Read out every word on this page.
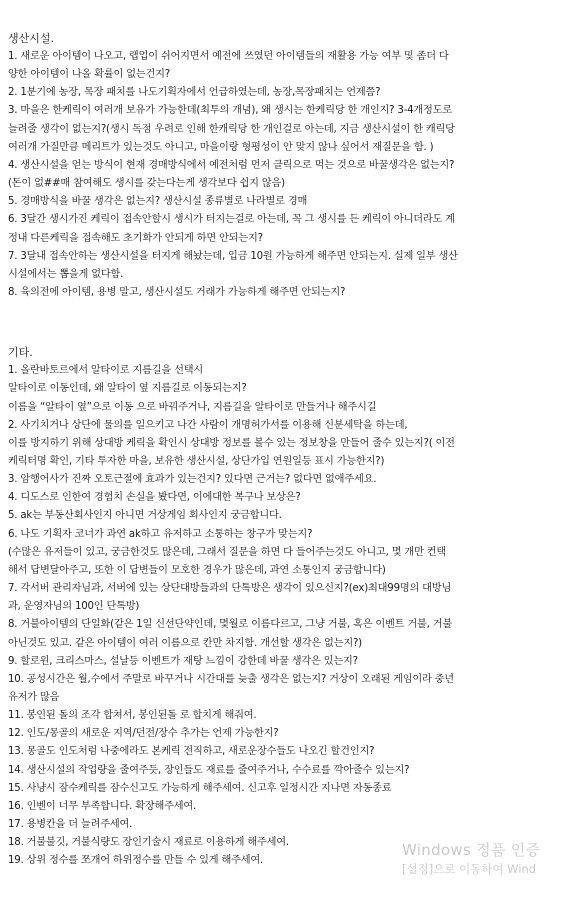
생산시설.
1. 새로운 아이템이 나오고, 랩업이 쉬어지면서 예전에 쓰였던 아이템들의 재활용 가능 여부 및 좀더 다
양한 아이템이 나올 확률이 없는건지?
2. 1분기에 농장, 목장 패치를 나도기획자에서 언급하였는데, 농장,목장패치는 언제쯤?
3. 마을은 한케릭이 여러개 보유가 가능한데(최투의 개념), 왜 생시는 한케릭당 한 개인지? 3-4개정도로
늘려줄 생각이 없는지?(생시 독점 우려로 인해 한캐릭당 한 개인걸로 아는데, 지금 생산시설이 한 캐릭당
여러개 가질만큼 메리트가 있는것도 아니고, 마을이랑 형평성이 안 맞지 않나 싶어서 재질문을 함. )
4. 생산시설을 얻는 방식이 현재 경매방식에서 예전처럼 먼저 클릭으로 먹는 것으로 바꿀생각은 없는지?
(돈이 없##매 참여해도 생시를 갖는다는게 생각보다 쉽지 않음)
5. 경매방식을 바꿀 생각은 없는지? 생산시설 종류별로 나라별로 경매
6. 3달간 생시가진 케릭이 접속안할시 생시가 터지는걸로 아는데, 꼭 그 생시를 든 케릭이 아니더라도 계
정내 다른케릭을 접속해도 초기화가 안되게 하면 안되는지?
7. 3달내 접속안하는 생산시설을 터지게 해놨는데, 입금 10원 가능하게 해주면 안되는지. 실제 일부 생산
시설에서는 뽑을게 없다함.
8. 육의전에 아이템, 용병 말고, 생산시설도 거래가 가능하게 해주면 안되는지?
기타.
1. 올란바토르에서 알타이로 지름길을 선택시
알타이로 이동인데, 왜 알타이 옆 지름길로 이동되는지?
이름을 “알타이 옆”으로 이동 으로 바꿔주거나, 지름길을 알타이로 만들거나 해주시길
2. 사기치거나 상단에 물의를 일으키고 나간 사람이 개명허가서를 이용해 신분세탁을 하는데,
이를 방지하기 위해 상대방 케릭을 확인시 상대방 정보를 볼수 있는 정보창을 만들어 줄수 있는지?( 이전
케릭터명 확인, 기타 투자한 마을, 보유한 생산시설, 상단가입 연원일등 표시 가능한지?)
3. 암행어사가 진짜 오토근절에 효과가 있는건지? 있다면 근거는? 없다면 없애주세요.
4. 디도스로 인한여 경험치 손실을 봤다면, 이에대한 복구나 보상은?
5. ak는 부동산회사인지 아니면 거상게임 회사인지 궁금합니다.
6. 나도 기획자 코너가 과연 ak하고 유저하고 소통하는 창구가 맞는지?
(수많은 유저들이 있고, 궁금한것도 많은데, 그래서 질문을 하면 다 들어주는것도 아니고, 몇 개만 컨택
해서 답변달아주고, 또한 이 답변들이 모호한 경우가 많은데, 과연 소통인지 궁금합니다)
7. 각서버 관리자님과, 서버에 있는 상단대방들과의 단톡방은 생각이 있으신지?(ex)최대99명의 대방님
과, 운영자님의 100인 단톡방)
8. 거불아이템의 단일화(같은 1일 신선단약인데, 몇월로 이름다르고, 그냥 거불, 혹은 이벤트 거불, 거불
아닌것도 있고. 같은 아이템이 여러 이름으로 칸만 차지함. 개선할 생각은 없는지?)
9. 할로윈, 크리스마스, 설날등 이벤트가 재탕 느낌이 강한데 바꿀 생각은 있는지?
10. 공성시간은 월,수에서 주말로 바꾸거나 시간대를 늦출 생각은 없는지? 거상이 오래된 게임이라 중년
유저가 많음
11. 봉인된 돌의 조각 합쳐서, 봉인된돌 로 합치게 해줘여.
12. 인도/몽골의 새로운 지역/던전/장수 추가는 언제 가능한지?
13. 몽골도 인도처럼 나중에라도 본케릭 전직하고, 새로운장수들도 나오긴 할건인지?
14. 생산시설의 작업량을 줄여주듯, 장인들도 재료를 줄여주거나, 수수료를 깍아줄수 있는지?
15. 사냥시 잠수케릭를 잠수신고도 가능하게 해주세여. 신고후 일정시간 지나면 자동종료
16. 인벤이 너무 부족합니다. 확장해주세여.
17. 용병칸을 더 늘려주세여.
18. 거불불깃, 거불식량도 장인기술시 재료로 이용하게 해주세여.
19. 상위 정수를 쪼개어 하위정수를 만들 수 있게 해주세여.
Windows 정품 인증
[설정]으로 이동하여 Wind
